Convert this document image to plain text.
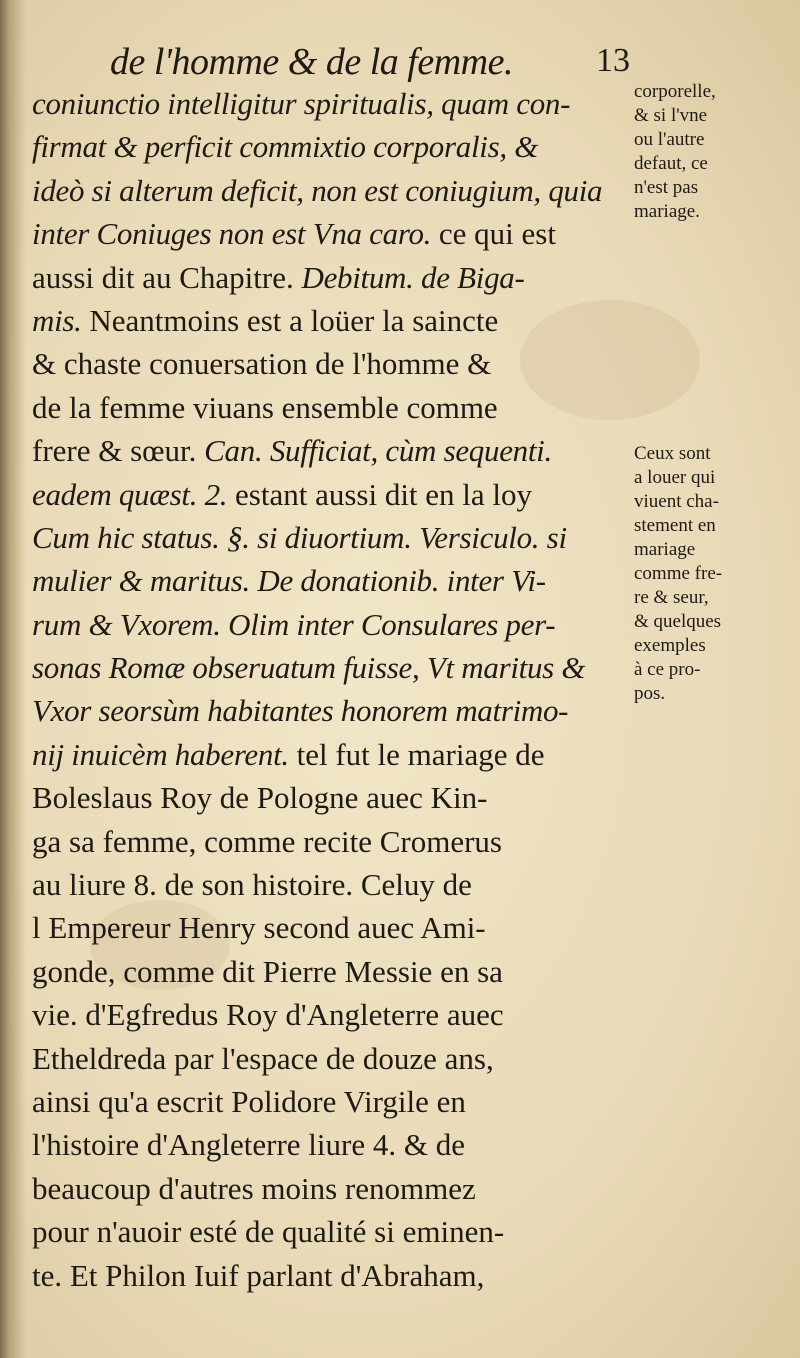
de l'homme & de la femme. 13
coniunctio intelligitur spiritualis, quam con-
firmat & perficit commixtio corporalis, &
ideò si alterum deficit, non est coniugium, quia
inter Coniuges non est Vna caro. ce qui est
aussi dit au Chapitre. Debitum. de Biga-
mis. Neantmoins est a loüer la saincte
& chaste conuersation de l'homme &
de la femme viuans ensemble comme
frere & sœur. Can. Sufficiat, cùm sequenti.
eadem quæst. 2. estant aussi dit en la loy
Cum hic status. §. si diuortium. Versiculo. si
mulier & maritus. De donationib. inter Vi-
rum & Vxorem. Olim inter Consulares per-
sonas Romæ obseruatum fuisse, Vt maritus &
Vxor seorsùm habitantes honorem matrimo-
nij inuicèm haberent. tel fut le mariage de
Boleslaus Roy de Pologne auec Kin-
ga sa femme, comme recite Cromerus
au liure 8. de son histoire. Celuy de
l Empereur Henry second auec Ami-
gonde, comme dit Pierre Messie en sa
vie. d'Egfredus Roy d'Angleterre auec
Etheldreda par l'espace de douze ans,
ainsi qu'a escrit Polidore Virgile en
l'histoire d'Angleterre liure 4. & de
beaucoup d'autres moins renommez
pour n'auoir esté de qualité si eminen-
te. Et Philon Iuif parlant d'Abraham,
corporelle,
& si l'vne
ou l'autre
defaut, ce
n'est pas
mariage.
Ceux sont
a louer qui
viuent cha-
stement en
mariage
comme fre-
re & seur,
& quelques
exemples
à ce pro-
pos.
